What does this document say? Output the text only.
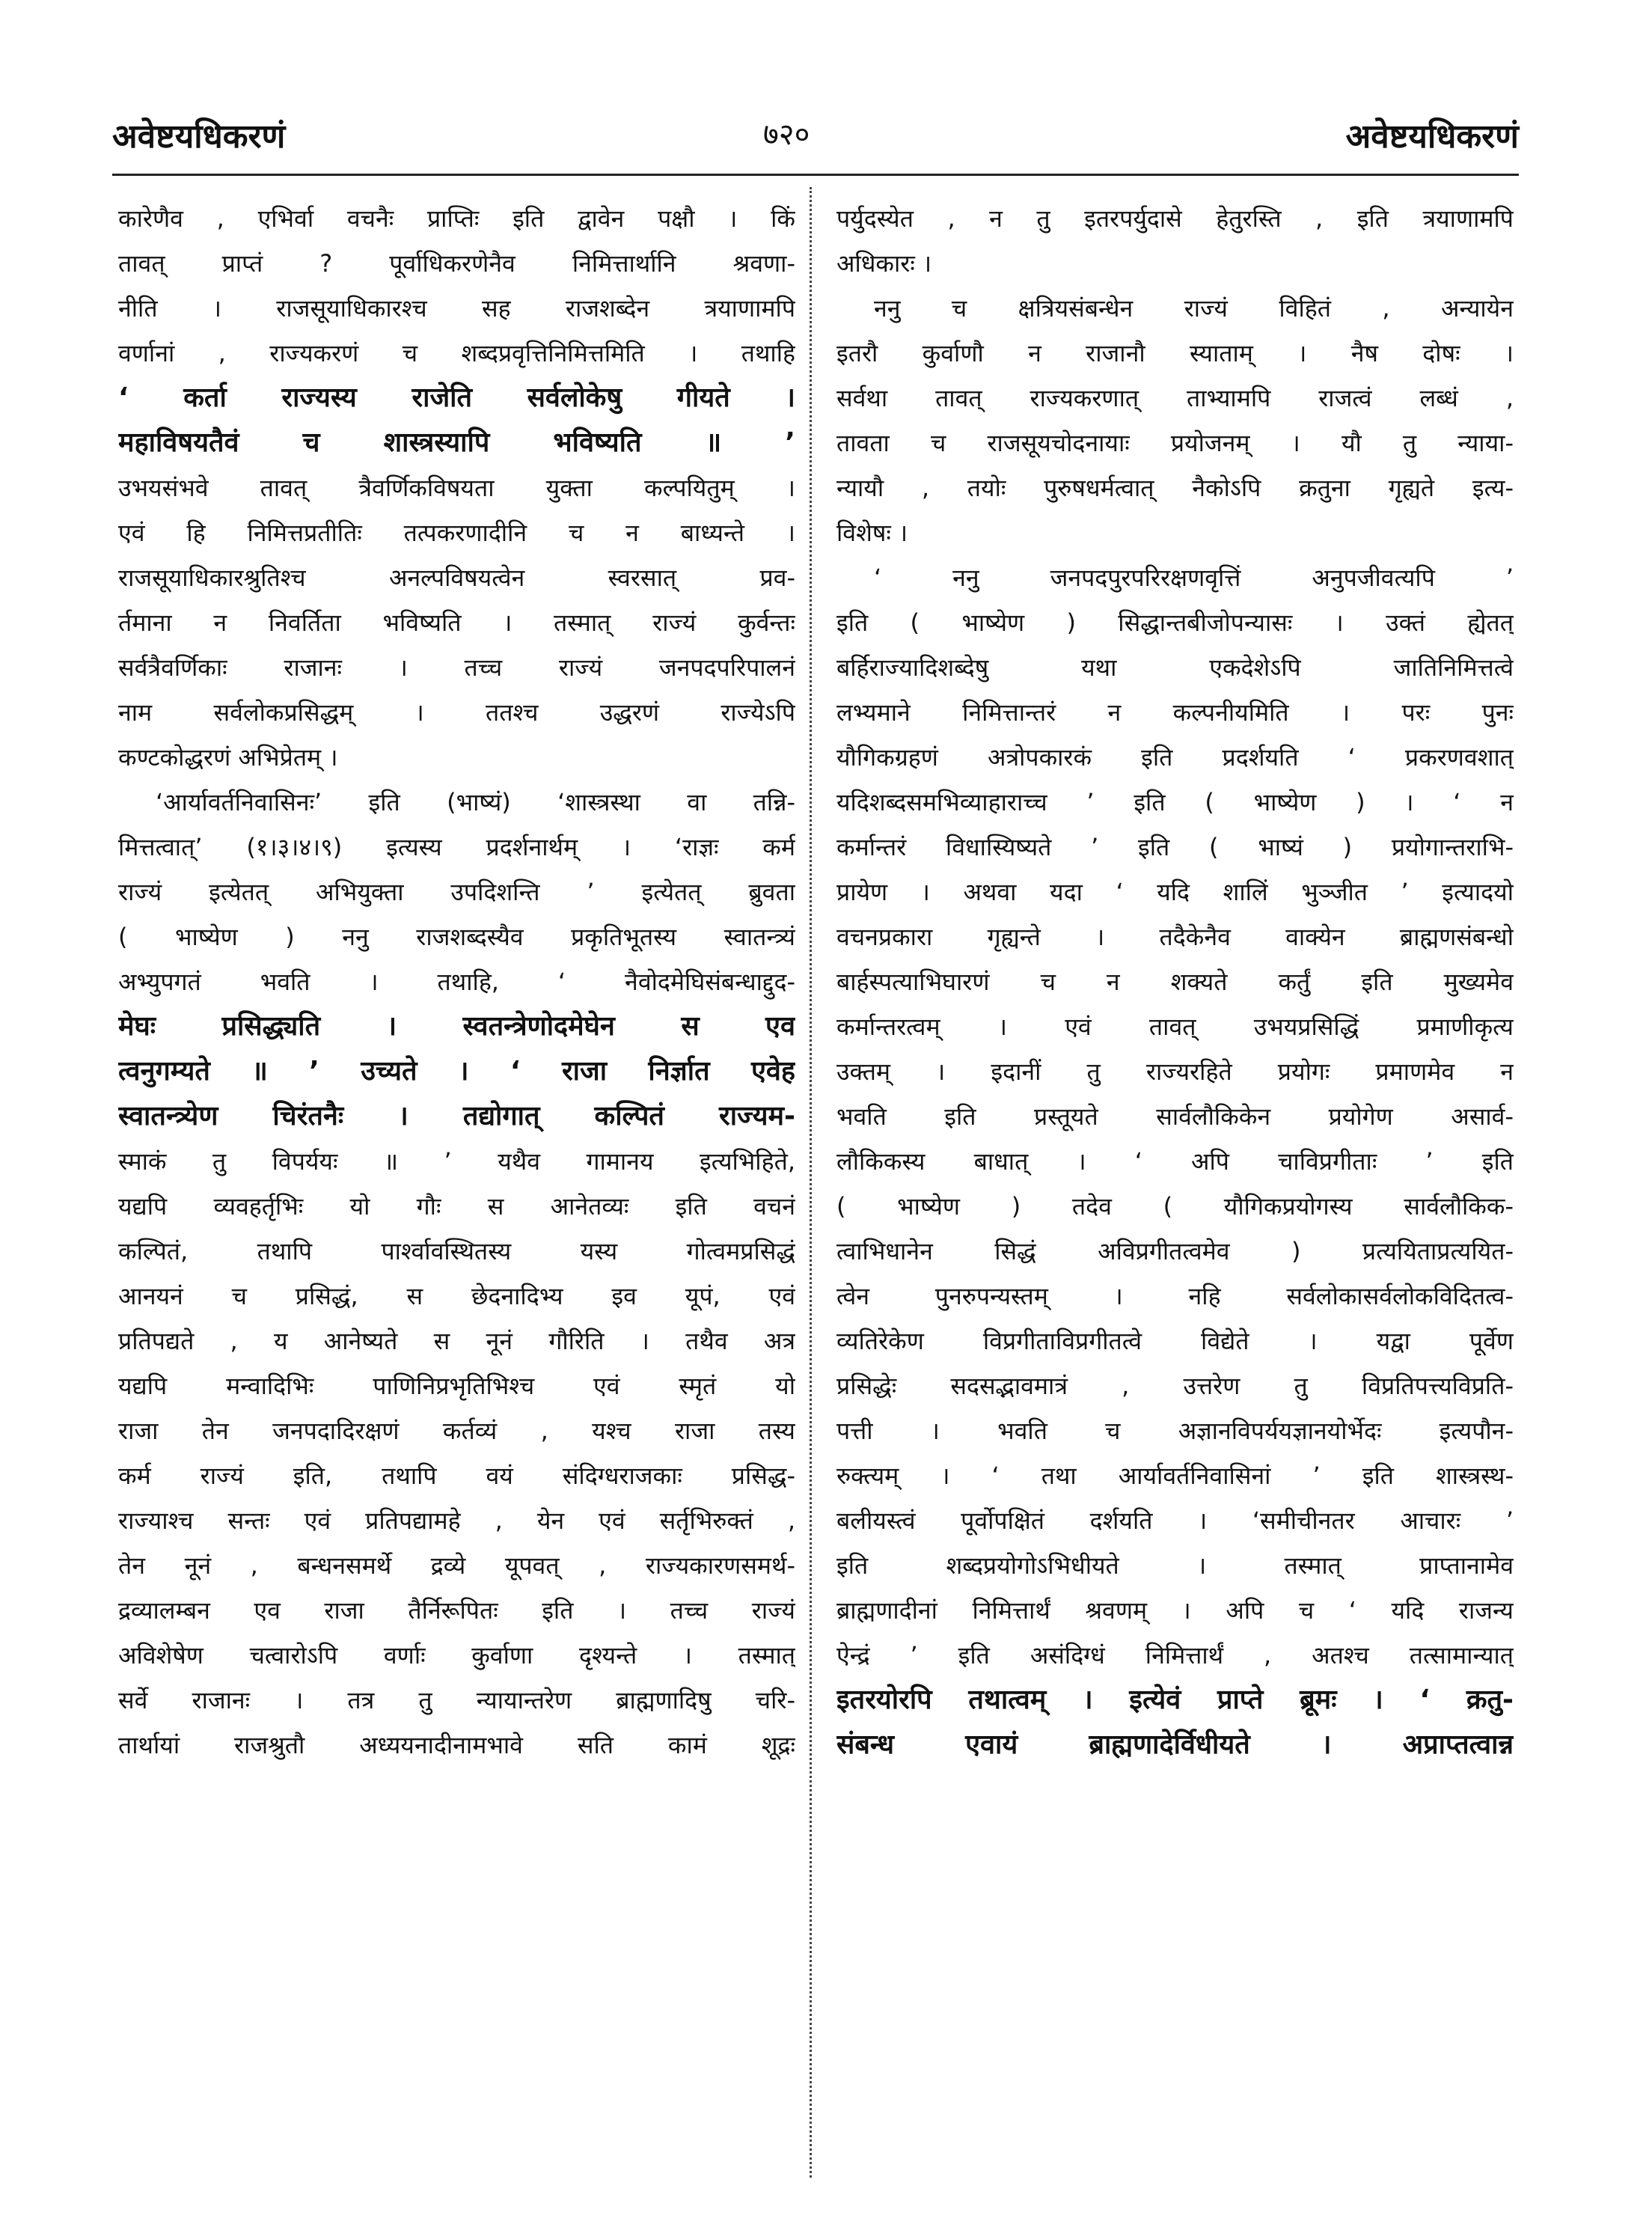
अवेष्टयधिकरणं	७२०	अवेष्टयधिकरणं
कारेणैव , एभिर्वा वचनैः प्राप्तिः इति द्वावेन पक्षौ । किं
तावत् प्राप्तं ? पूर्वाधिकरणेनैव निमित्तार्थानि श्रवणा-
नीति । राजसूयाधिकारश्च सह राजशब्देन त्रयाणामपि
वर्णानां , राज्यकरणं च शब्दप्रवृत्तिनिमित्तमिति । तथाहि
‘ कर्ता राज्यस्य राजेति सर्वलोकेषु गीयते ।
महाविषयतैवं च शास्त्रस्यापि भविष्यति ॥ ’
उभयसंभवे तावत् त्रैवर्णिकविषयता युक्ता कल्पयितुम् ।
एवं हि निमित्तप्रतीतिः तत्पकरणादीनि च न बाध्यन्ते ।
राजसूयाधिकारश्रुतिश्च अनल्पविषयत्वेन स्वरसात् प्रव-
र्तमाना न निवर्तिता भविष्यति । तस्मात् राज्यं कुर्वन्तः
सर्वत्रैवर्णिकाः राजानः । तच्च राज्यं जनपदपरिपालनं
नाम सर्वलोकप्रसिद्धम् । ततश्च उद्धरणं राज्येऽपि
कण्टकोद्धरणं अभिप्रेतम् ।
‘आर्यावर्तनिवासिनः’ इति (भाष्यं) ‘शास्त्रस्था वा तन्नि-
मित्तत्वात्’ (१।३।४।९) इत्यस्य प्रदर्शनार्थम् । ‘राज्ञः कर्म
राज्यं इत्येतत् अभियुक्ता उपदिशन्ति ’ इत्येतत् ब्रुवता
( भाष्येण ) ननु राजशब्दस्यैव प्रकृतिभूतस्य स्वातन्त्र्यं
अभ्युपगतं भवति । तथाहि, ‘ नैवोदमेघिसंबन्धाद्दुद-
मेघः प्रसिद्ध्यति । स्वतन्त्रेणोदमेघेन स एव
त्वनुगम्यते ॥ ’ उच्यते । ‘ राजा निर्ज्ञात एवेह
स्वातन्त्र्येण चिरंतनैः । तद्योगात् कल्पितं राज्यम-
स्माकं तु विपर्ययः ॥ ’ यथैव गामानय इत्यभिहिते,
यद्यपि व्यवहर्तृभिः यो गौः स आनेतव्यः इति वचनं
कल्पितं, तथापि पार्श्वावस्थितस्य यस्य गोत्वमप्रसिद्धं
आनयनं च प्रसिद्धं, स छेदनादिभ्य इव यूपं, एवं
प्रतिपद्यते , य आनेष्यते स नूनं गौरिति । तथैव अत्र
यद्यपि मन्वादिभिः पाणिनिप्रभृतिभिश्च एवं स्मृतं यो
राजा तेन जनपदादिरक्षणं कर्तव्यं , यश्च राजा तस्य
कर्म राज्यं इति, तथापि वयं संदिग्धराजकाः प्रसिद्ध-
राज्याश्च सन्तः एवं प्रतिपद्यामहे , येन एवं सर्तृभिरुक्तं ,
तेन नूनं , बन्धनसमर्थे द्रव्ये यूपवत् , राज्यकारणसमर्थ-
द्रव्यालम्बन एव राजा तैर्निरूपितः इति । तच्च राज्यं
अविशेषेण चत्वारोऽपि वर्णाः कुर्वाणा दृश्यन्ते । तस्मात्
सर्वे राजानः । तत्र तु न्यायान्तरेण ब्राह्मणादिषु चरि-
तार्थायां राजश्रुतौ अध्ययनादीनामभावे सति कामं शूद्रः
पर्युदस्येत , न तु इतरपर्युदासे हेतुरस्ति , इति त्रयाणामपि
अधिकारः ।
ननु च क्षत्रियसंबन्धेन राज्यं विहितं , अन्यायेन
इतरौ कुर्वाणौ न राजानौ स्याताम् । नैष दोषः ।
सर्वथा तावत् राज्यकरणात् ताभ्यामपि राजत्वं लब्धं ,
तावता च राजसूयचोदनायाः प्रयोजनम् । यौ तु न्याया-
न्यायौ , तयोः पुरुषधर्मत्वात् नैकोऽपि क्रतुना गृह्यते इत्य-
विशेषः ।
‘ ननु जनपदपुरपरिरक्षणवृत्तिं अनुपजीवत्यपि ’
इति ( भाष्येण ) सिद्धान्तबीजोपन्यासः । उक्तं ह्येतत्
बर्हिराज्यादिशब्देषु यथा एकदेशेऽपि जातिनिमित्तत्वे
लभ्यमाने निमित्तान्तरं न कल्पनीयमिति । परः पुनः
यौगिकग्रहणं अत्रोपकारकं इति प्रदर्शयति ‘ प्रकरणवशात्
यदिशब्दसमभिव्याहाराच्च ’ इति ( भाष्येण ) । ‘ न
कर्मान्तरं विधास्यिष्यते ’ इति ( भाष्यं ) प्रयोगान्तराभि-
प्रायेण । अथवा यदा ‘ यदि शालिं भुञ्जीत ’ इत्यादयो
वचनप्रकारा गृह्यन्ते । तदैकेनैव वाक्येन ब्राह्मणसंबन्धो
बार्हस्पत्याभिघारणं च न शक्यते कर्तुं इति मुख्यमेव
कर्मान्तरत्वम् । एवं तावत् उभयप्रसिद्धिं प्रमाणीकृत्य
उक्तम् । इदानीं तु राज्यरहिते प्रयोगः प्रमाणमेव न
भवति इति प्रस्तूयते सार्वलौकिकेन प्रयोगेण असार्व-
लौकिकस्य बाधात् । ‘ अपि चाविप्रगीताः ’ इति
( भाष्येण ) तदेव ( यौगिकप्रयोगस्य सार्वलौकिक-
त्वाभिधानेन सिद्धं अविप्रगीतत्वमेव ) प्रत्ययिताप्रत्ययित-
त्वेन पुनरुपन्यस्तम् । नहि सर्वलोकासर्वलोकविदितत्व-
व्यतिरेकेण विप्रगीताविप्रगीतत्वे विद्येते । यद्वा पूर्वेण
प्रसिद्धेः सदसद्भावमात्रं , उत्तरेण तु विप्रतिपत्त्यविप्रति-
पत्ती । भवति च अज्ञानविपर्ययज्ञानयोर्भेदः इत्यपौन-
रुक्त्यम् । ‘ तथा आर्यावर्तनिवासिनां ’ इति शास्त्रस्थ-
बलीयस्त्वं पूर्वोपक्षितं दर्शयति । ‘समीचीनतर आचारः ’
इति शब्दप्रयोगोऽभिधीयते । तस्मात् प्राप्तानामेव
ब्राह्मणादीनां निमित्तार्थं श्रवणम् । अपि च ‘ यदि राजन्य
ऐन्द्रं ’ इति असंदिग्धं निमित्तार्थं , अतश्च तत्सामान्यात्
इतरयोरपि तथात्वम् । इत्येवं प्राप्ते ब्रूमः । ‘ क्रतु-
संबन्ध एवायं ब्राह्मणादेर्विधीयते । अप्राप्तत्वान्न
